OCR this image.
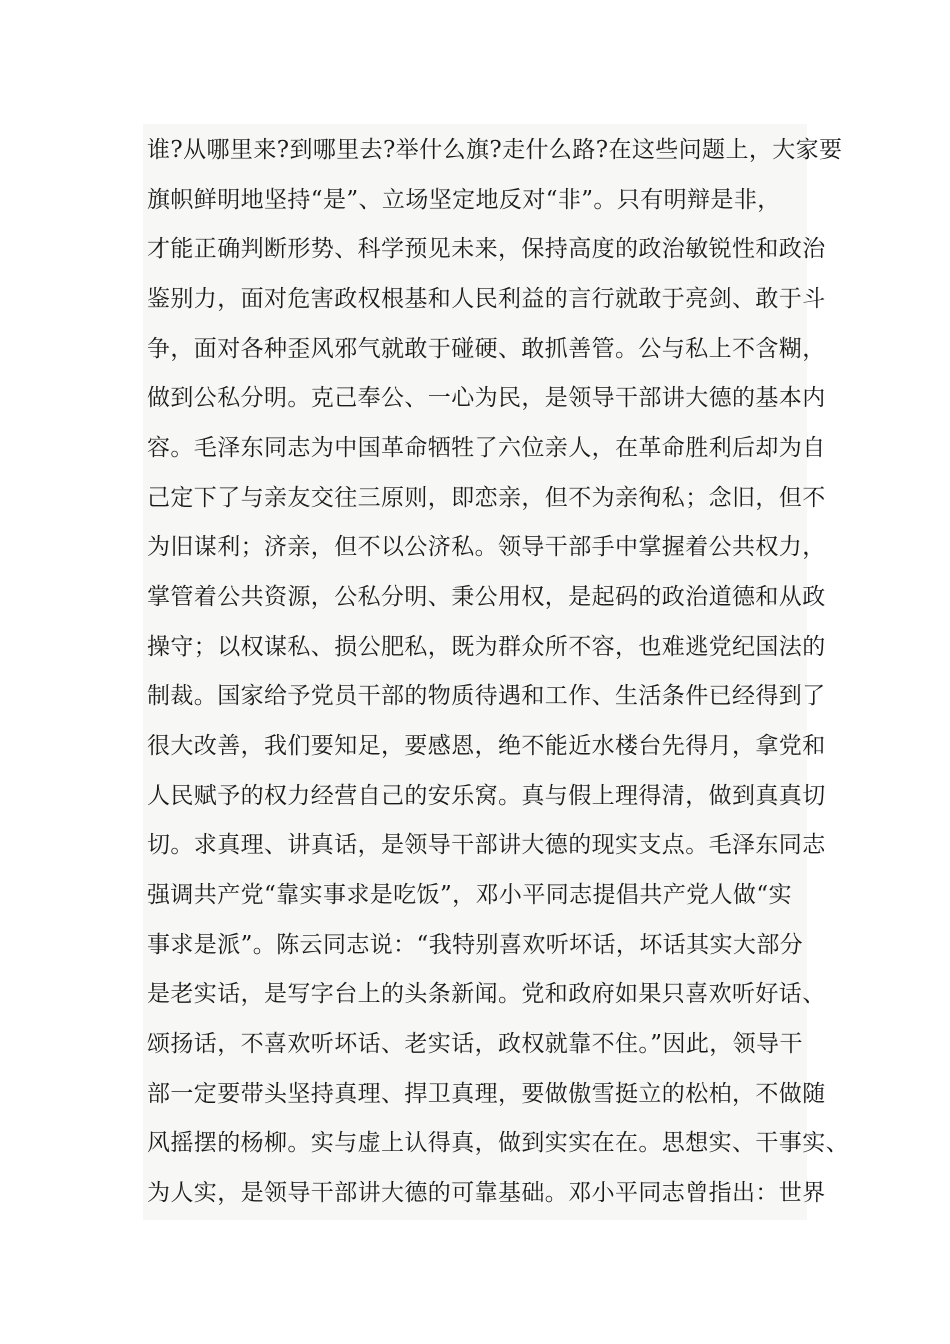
谁?从哪里来?到哪里去?举什么旗?走什么路?在这些问题上，大家要
旗帜鲜明地坚持“是”、立场坚定地反对“非”。只有明辩是非，
才能正确判断形势、科学预见未来，保持高度的政治敏锐性和政治
鉴别力，面对危害政权根基和人民利益的言行就敢于亮剑、敢于斗
争，面对各种歪风邪气就敢于碰硬、敢抓善管。公与私上不含糊，
做到公私分明。克己奉公、一心为民，是领导干部讲大德的基本内
容。毛泽东同志为中国革命牺牲了六位亲人，在革命胜利后却为自
己定下了与亲友交往三原则，即恋亲，但不为亲徇私；念旧，但不
为旧谋利；济亲，但不以公济私。领导干部手中掌握着公共权力，
掌管着公共资源，公私分明、秉公用权，是起码的政治道德和从政
操守；以权谋私、损公肥私，既为群众所不容，也难逃党纪国法的
制裁。国家给予党员干部的物质待遇和工作、生活条件已经得到了
很大改善，我们要知足，要感恩，绝不能近水楼台先得月，拿党和
人民赋予的权力经营自己的安乐窝。真与假上理得清，做到真真切
切。求真理、讲真话，是领导干部讲大德的现实支点。毛泽东同志
强调共产党“靠实事求是吃饭”，邓小平同志提倡共产党人做“实
事求是派”。陈云同志说：“我特别喜欢听坏话，坏话其实大部分
是老实话，是写字台上的头条新闻。党和政府如果只喜欢听好话、
颂扬话，不喜欢听坏话、老实话，政权就靠不住。”因此，领导干
部一定要带头坚持真理、捍卫真理，要做傲雪挺立的松柏，不做随
风摇摆的杨柳。实与虚上认得真，做到实实在在。思想实、干事实、
为人实，是领导干部讲大德的可靠基础。邓小平同志曾指出：世界
